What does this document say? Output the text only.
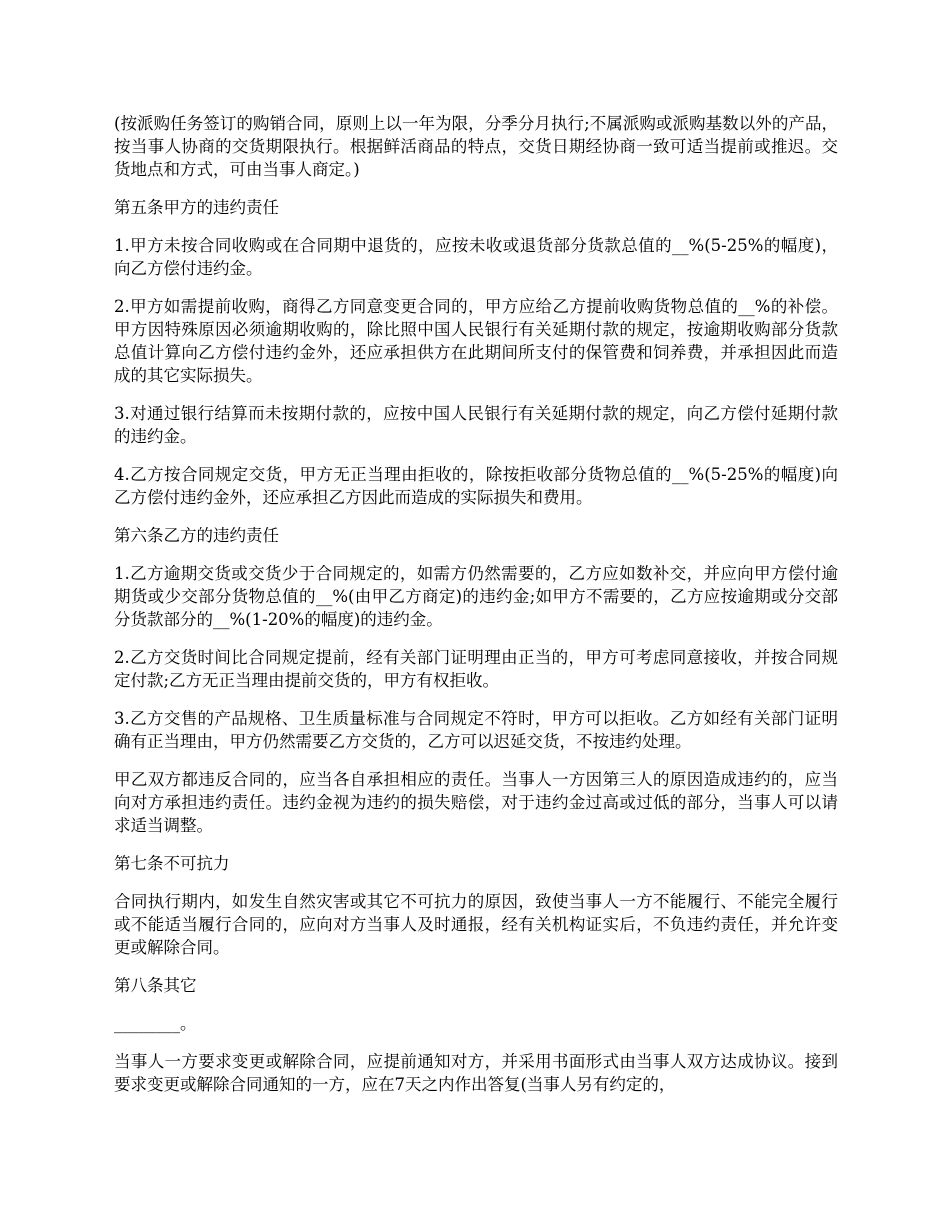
(按派购任务签订的购销合同，原则上以一年为限，分季分月执行;不属派购或派购基数以外的产品，按当事人协商的交货期限执行。根据鲜活商品的特点，交货日期经协商一致可适当提前或推迟。交货地点和方式，可由当事人商定。)

第五条甲方的违约责任

1.甲方未按合同收购或在合同期中退货的，应按未收或退货部分货款总值的__%(5-25%的幅度)，向乙方偿付违约金。

2.甲方如需提前收购，商得乙方同意变更合同的，甲方应给乙方提前收购货物总值的__%的补偿。甲方因特殊原因必须逾期收购的，除比照中国人民银行有关延期付款的规定，按逾期收购部分货款总值计算向乙方偿付违约金外，还应承担供方在此期间所支付的保管费和饲养费，并承担因此而造成的其它实际损失。

3.对通过银行结算而未按期付款的，应按中国人民银行有关延期付款的规定，向乙方偿付延期付款的违约金。

4.乙方按合同规定交货，甲方无正当理由拒收的，除按拒收部分货物总值的__%(5-25%的幅度)向乙方偿付违约金外，还应承担乙方因此而造成的实际损失和费用。

第六条乙方的违约责任

1.乙方逾期交货或交货少于合同规定的，如需方仍然需要的，乙方应如数补交，并应向甲方偿付逾期货或少交部分货物总值的__%(由甲乙方商定)的违约金;如甲方不需要的，乙方应按逾期或分交部分货款部分的__%(1-20%的幅度)的违约金。

2.乙方交货时间比合同规定提前，经有关部门证明理由正当的，甲方可考虑同意接收，并按合同规定付款;乙方无正当理由提前交货的，甲方有权拒收。

3.乙方交售的产品规格、卫生质量标准与合同规定不符时，甲方可以拒收。乙方如经有关部门证明确有正当理由，甲方仍然需要乙方交货的，乙方可以迟延交货，不按违约处理。

甲乙双方都违反合同的，应当各自承担相应的责任。当事人一方因第三人的原因造成违约的，应当向对方承担违约责任。违约金视为违约的损失赔偿，对于违约金过高或过低的部分，当事人可以请求适当调整。

第七条不可抗力

合同执行期内，如发生自然灾害或其它不可抗力的原因，致使当事人一方不能履行、不能完全履行或不能适当履行合同的，应向对方当事人及时通报，经有关机构证实后，不负违约责任，并允许变更或解除合同。

第八条其它

________。

当事人一方要求变更或解除合同，应提前通知对方，并采用书面形式由当事人双方达成协议。接到要求变更或解除合同通知的一方，应在7天之内作出答复(当事人另有约定的，
